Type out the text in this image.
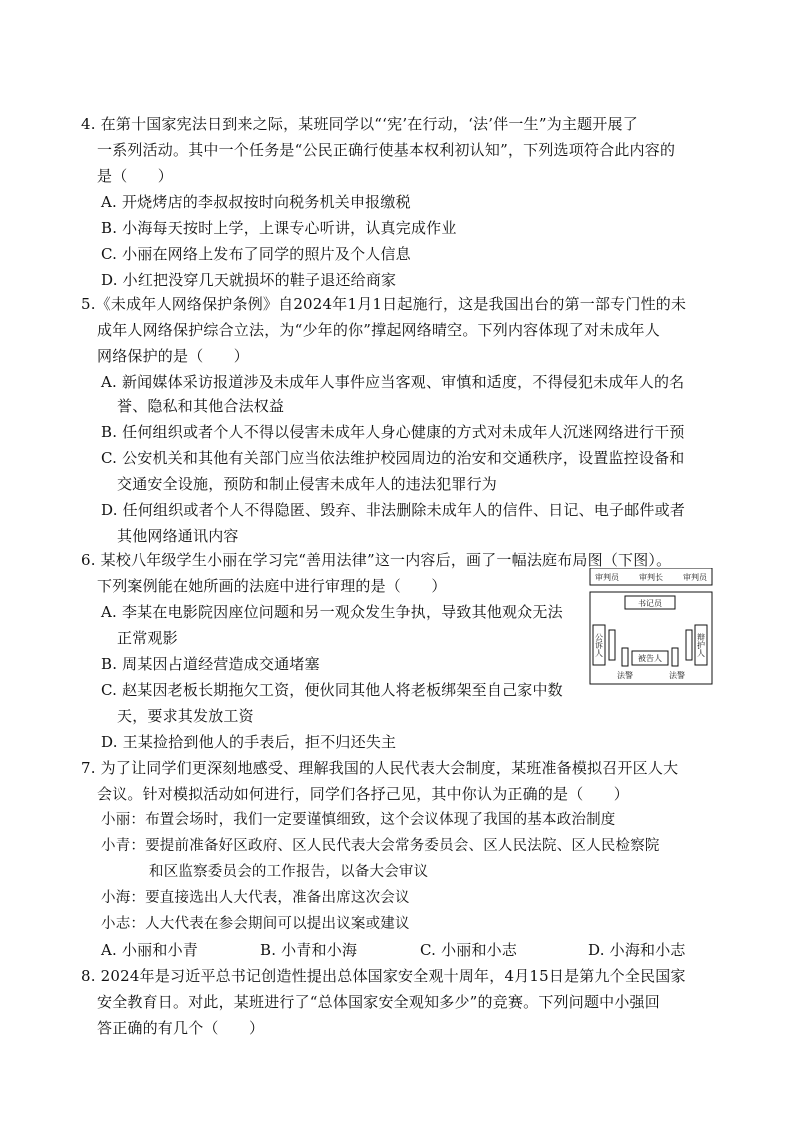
4. 在第十国家宪法日到来之际，某班同学以“‘宪’在行动，‘法’伴一生”为主题开展了
一系列活动。其中一个任务是“公民正确行使基本权利初认知”，下列选项符合此内容的
是（　　）
A. 开烧烤店的李叔叔按时向税务机关申报缴税
B. 小海每天按时上学，上课专心听讲，认真完成作业
C. 小丽在网络上发布了同学的照片及个人信息
D. 小红把没穿几天就损坏的鞋子退还给商家
5.《未成年人网络保护条例》自2024年1月1日起施行，这是我国出台的第一部专门性的未
成年人网络保护综合立法，为“少年的你”撑起网络晴空。下列内容体现了对未成年人
网络保护的是（　　）
A. 新闻媒体采访报道涉及未成年人事件应当客观、审慎和适度，不得侵犯未成年人的名
誉、隐私和其他合法权益
B. 任何组织或者个人不得以侵害未成年人身心健康的方式对未成年人沉迷网络进行干预
C. 公安机关和其他有关部门应当依法维护校园周边的治安和交通秩序，设置监控设备和
交通安全设施，预防和制止侵害未成年人的违法犯罪行为
D. 任何组织或者个人不得隐匿、毁弃、非法删除未成年人的信件、日记、电子邮件或者
其他网络通讯内容
6. 某校八年级学生小丽在学习完“善用法律”这一内容后，画了一幅法庭布局图（下图）。
下列案例能在她所画的法庭中进行审理的是（　　）
A. 李某在电影院因座位问题和另一观众发生争执，导致其他观众无法
正常观影
B. 周某因占道经营造成交通堵塞
C. 赵某因老板长期拖欠工资，便伙同其他人将老板绑架至自己家中数
天，要求其发放工资
D. 王某捡拾到他人的手表后，拒不归还失主
审判员	审判长	审判员
书记员
公诉人	辩护人
被告人
法警	法警
7. 为了让同学们更深刻地感受、理解我国的人民代表大会制度，某班准备模拟召开区人大
会议。针对模拟活动如何进行，同学们各抒己见，其中你认为正确的是（　　）
小丽：布置会场时，我们一定要谨慎细致，这个会议体现了我国的基本政治制度
小青：要提前准备好区政府、区人民代表大会常务委员会、区人民法院、区人民检察院
和区监察委员会的工作报告，以备大会审议
小海：要直接选出人大代表，准备出席这次会议
小志：人大代表在参会期间可以提出议案或建议
A. 小丽和小青	B. 小青和小海	C. 小丽和小志	D. 小海和小志
8. 2024年是习近平总书记创造性提出总体国家安全观十周年，4月15日是第九个全民国家
安全教育日。对此，某班进行了“总体国家安全观知多少”的竞赛。下列问题中小强回
答正确的有几个（　　）
